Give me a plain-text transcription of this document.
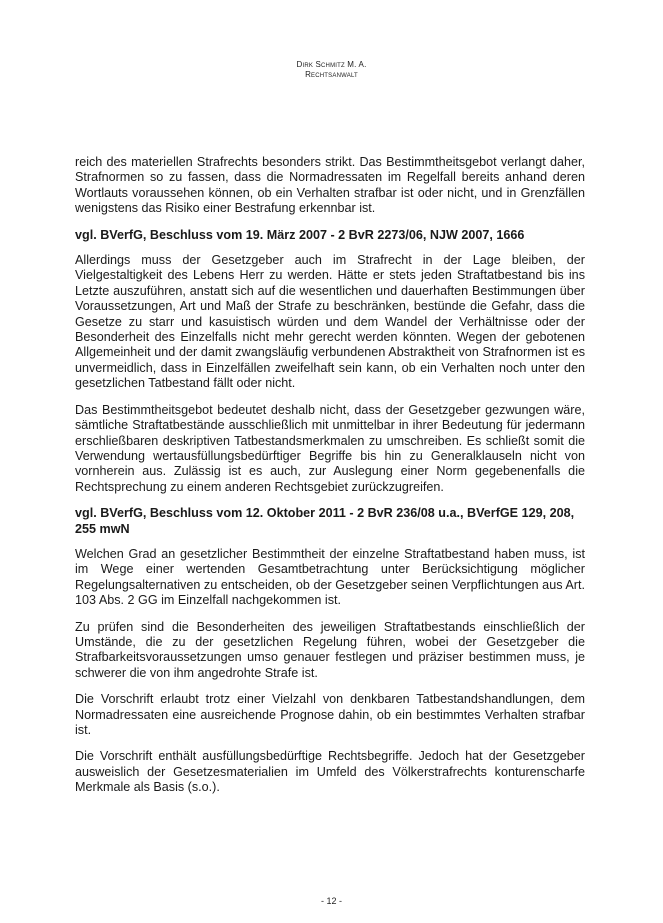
Dirk Schmitz M. A.
Rechtsanwalt

reich des materiellen Strafrechts besonders strikt. Das Bestimmtheitsgebot verlangt daher, Strafnormen so zu fassen, dass die Normadressaten im Regelfall bereits anhand deren Wortlauts voraussehen können, ob ein Verhalten strafbar ist oder nicht, und in Grenzfällen wenigstens das Risiko einer Bestrafung erkennbar ist.

vgl. BVerfG, Beschluss vom 19. März 2007 - 2 BvR 2273/06, NJW 2007, 1666

Allerdings muss der Gesetzgeber auch im Strafrecht in der Lage bleiben, der Vielgestaltigkeit des Lebens Herr zu werden. Hätte er stets jeden Straftatbestand bis ins Letzte auszuführen, anstatt sich auf die wesentlichen und dauerhaften Bestimmungen über Voraussetzungen, Art und Maß der Strafe zu beschränken, bestünde die Gefahr, dass die Gesetze zu starr und kasuistisch würden und dem Wandel der Verhältnisse oder der Besonderheit des Einzelfalls nicht mehr gerecht werden könnten. Wegen der gebotenen Allgemeinheit und der damit zwangsläufig verbundenen Abstraktheit von Strafnormen ist es unvermeidlich, dass in Einzelfällen zweifelhaft sein kann, ob ein Verhalten noch unter den gesetzlichen Tatbestand fällt oder nicht.

Das Bestimmtheitsgebot bedeutet deshalb nicht, dass der Gesetzgeber gezwungen wäre, sämtliche Straftatbestände ausschließlich mit unmittelbar in ihrer Bedeutung für jedermann erschließbaren deskriptiven Tatbestandsmerkmalen zu umschreiben. Es schließt somit die Verwendung wertausfüllungsbedürftiger Begriffe bis hin zu Generalklauseln nicht von vornherein aus. Zulässig ist es auch, zur Auslegung einer Norm gegebenenfalls die Rechtsprechung zu einem anderen Rechtsgebiet zurückzugreifen.

vgl. BVerfG, Beschluss vom 12. Oktober 2011 - 2 BvR 236/08 u.a., BVerfGE 129, 208, 255 mwN

Welchen Grad an gesetzlicher Bestimmtheit der einzelne Straftatbestand haben muss, ist im Wege einer wertenden Gesamtbetrachtung unter Berücksichtigung möglicher Regelungsalternativen zu entscheiden, ob der Gesetzgeber seinen Verpflichtungen aus Art. 103 Abs. 2 GG im Einzelfall nachgekommen ist.

Zu prüfen sind die Besonderheiten des jeweiligen Straftatbestands einschließlich der Umstände, die zu der gesetzlichen Regelung führen, wobei der Gesetzgeber die Strafbarkeitsvoraussetzungen umso genauer festlegen und präziser bestimmen muss, je schwerer die von ihm angedrohte Strafe ist.

Die Vorschrift erlaubt trotz einer Vielzahl von denkbaren Tatbestandshandlungen, dem Normadressaten eine ausreichende Prognose dahin, ob ein bestimmtes Verhalten strafbar ist.

Die Vorschrift enthält ausfüllungsbedürftige Rechtsbegriffe. Jedoch hat der Gesetzgeber ausweislich der Gesetzesmaterialien im Umfeld des Völkerstrafrechts konturenscharfe Merkmale als Basis (s.o.).

- 12 -
